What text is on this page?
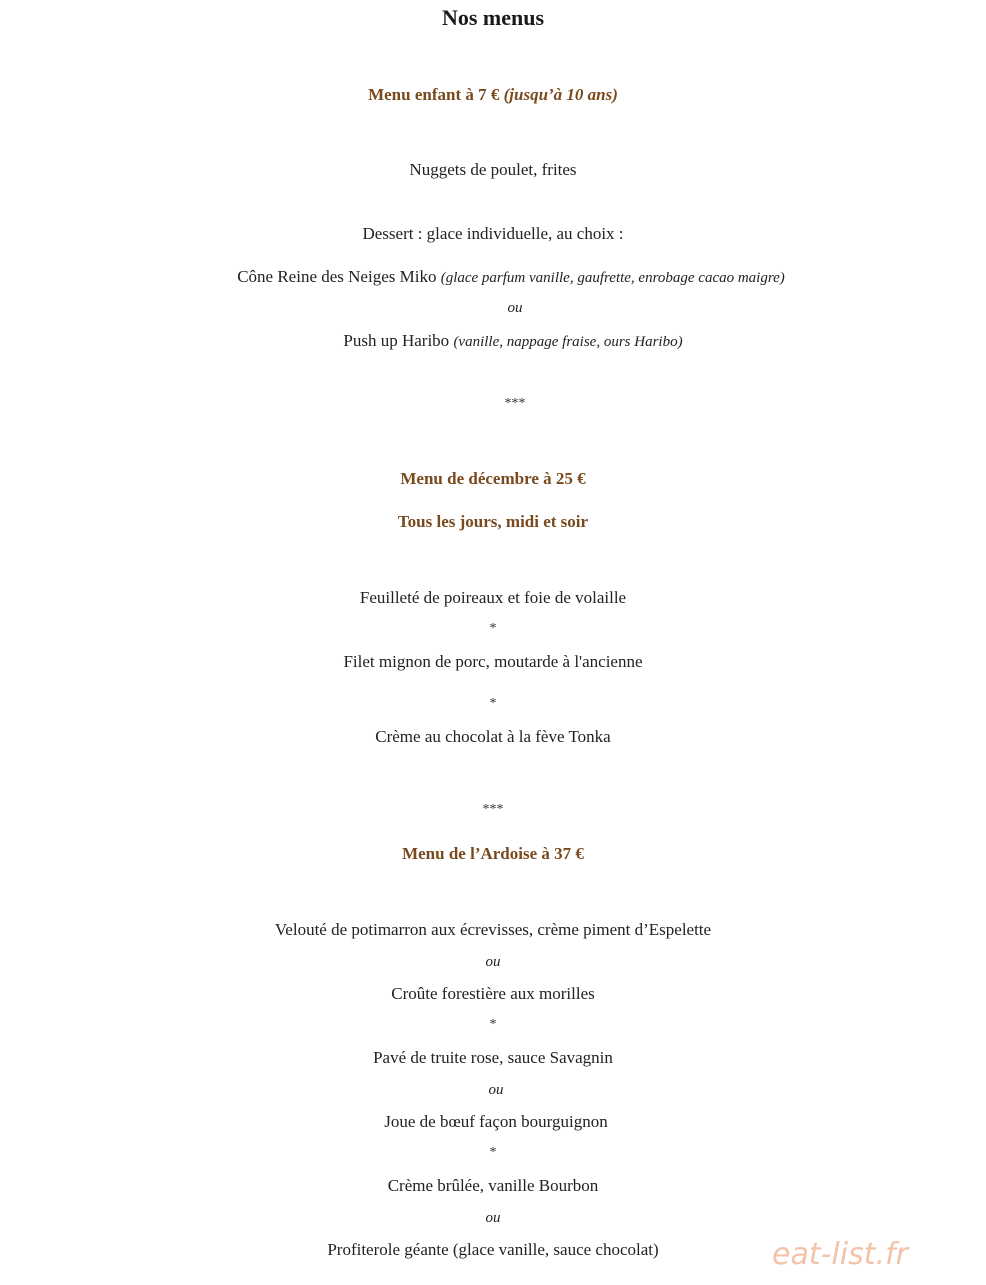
Nos menus
Menu enfant à 7 € (jusqu’à 10 ans)
Nuggets de poulet, frites
Dessert : glace individuelle, au choix :
Cône Reine des Neiges Miko (glace parfum vanille, gaufrette, enrobage cacao maigre)
ou
Push up Haribo (vanille, nappage fraise, ours Haribo)
***
Menu de décembre à 25 €
Tous les jours, midi et soir
Feuilleté de poireaux et foie de volaille
*
Filet mignon de porc, moutarde à l'ancienne
*
Crème au chocolat à la fève Tonka
***
Menu de l’Ardoise à 37 €
Velouté de potimarron aux écrevisses, crème piment d’Espelette
ou
Croûte forestière aux morilles
*
Pavé de truite rose, sauce Savagnin
ou
Joue de bœuf façon bourguignon
*
Crème brûlée, vanille Bourbon
ou
Profiterole géante (glace vanille, sauce chocolat)	eat-list.fr
